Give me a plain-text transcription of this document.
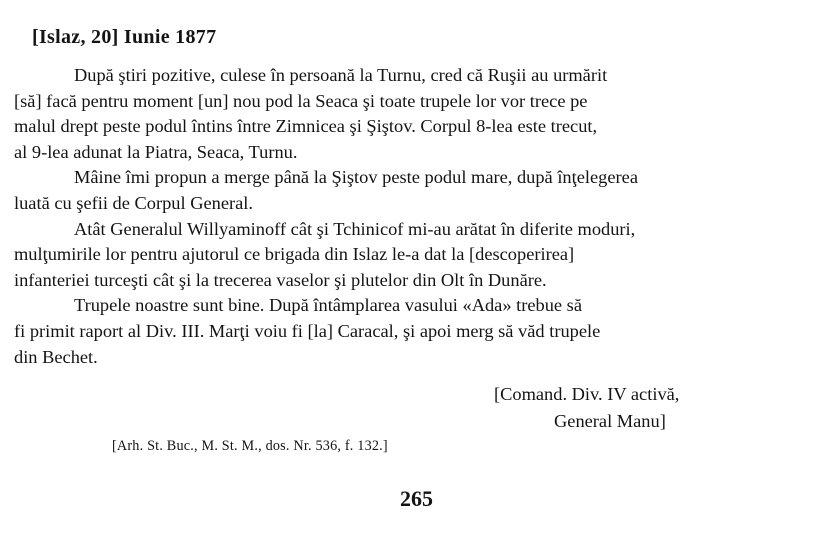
[Islaz, 20] Iunie 1877

După ştiri pozitive, culese în persoană la Turnu, cred că Ruşii au urmărit
[să] facă pentru moment [un] nou pod la Seaca şi toate trupele lor vor trece pe
malul drept peste podul întins între Zimnicea şi Şiştov. Corpul 8-lea este trecut,
al 9-lea adunat la Piatra, Seaca, Turnu.

Mâine îmi propun a merge până la Şiştov peste podul mare, după înţelegerea
luată cu şefii de Corpul General.

Atât Generalul Willyaminoff cât şi Tchinicof mi-au arătat în diferite moduri,
mulţumirile lor pentru ajutorul ce brigada din Islaz le-a dat la [descoperirea]
infanteriei turceşti cât şi la trecerea vaselor şi plutelor din Olt în Dunăre.

Trupele noastre sunt bine. După întâmplarea vasului «Ada» trebue să
fi primit raport al Div. III. Marţi voiu fi [la] Caracal, şi apoi merg să văd trupele
din Bechet.

[Comand. Div. IV activă,
General Manu]
[Arh. St. Buc., M. St. M., dos. Nr. 536, f. 132.]
265
